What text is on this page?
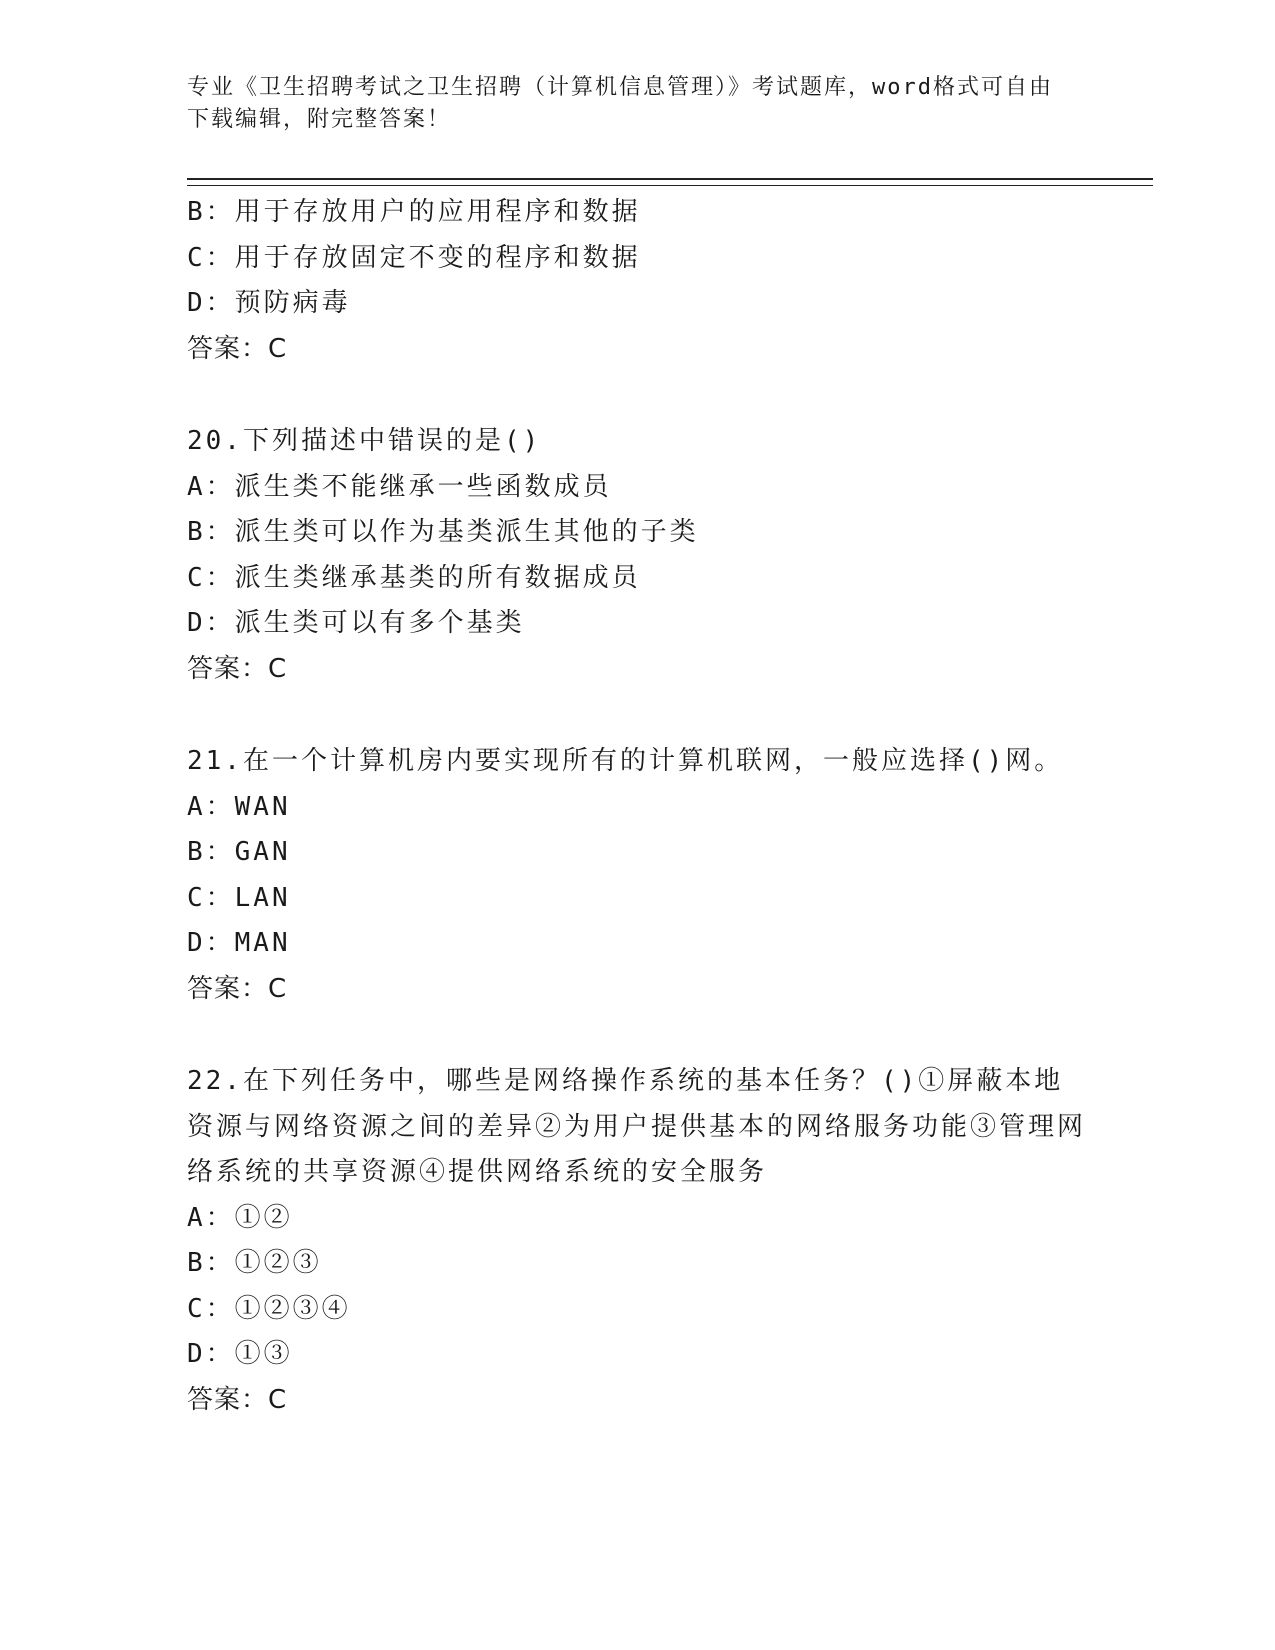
专业《卫生招聘考试之卫生招聘（计算机信息管理）》考试题库，word格式可自由下载编辑，附完整答案！
B：用于存放用户的应用程序和数据
C：用于存放固定不变的程序和数据
D：预防病毒
答案：C
20.下列描述中错误的是()
A：派生类不能继承一些函数成员
B：派生类可以作为基类派生其他的子类
C：派生类继承基类的所有数据成员
D：派生类可以有多个基类
答案：C
21.在一个计算机房内要实现所有的计算机联网，一般应选择()网。
A：WAN
B：GAN
C：LAN
D：MAN
答案：C
22.在下列任务中，哪些是网络操作系统的基本任务？()①屏蔽本地资源与网络资源之间的差异②为用户提供基本的网络服务功能③管理网络系统的共享资源④提供网络系统的安全服务
A：①②
B：①②③
C：①②③④
D：①③
答案：C
